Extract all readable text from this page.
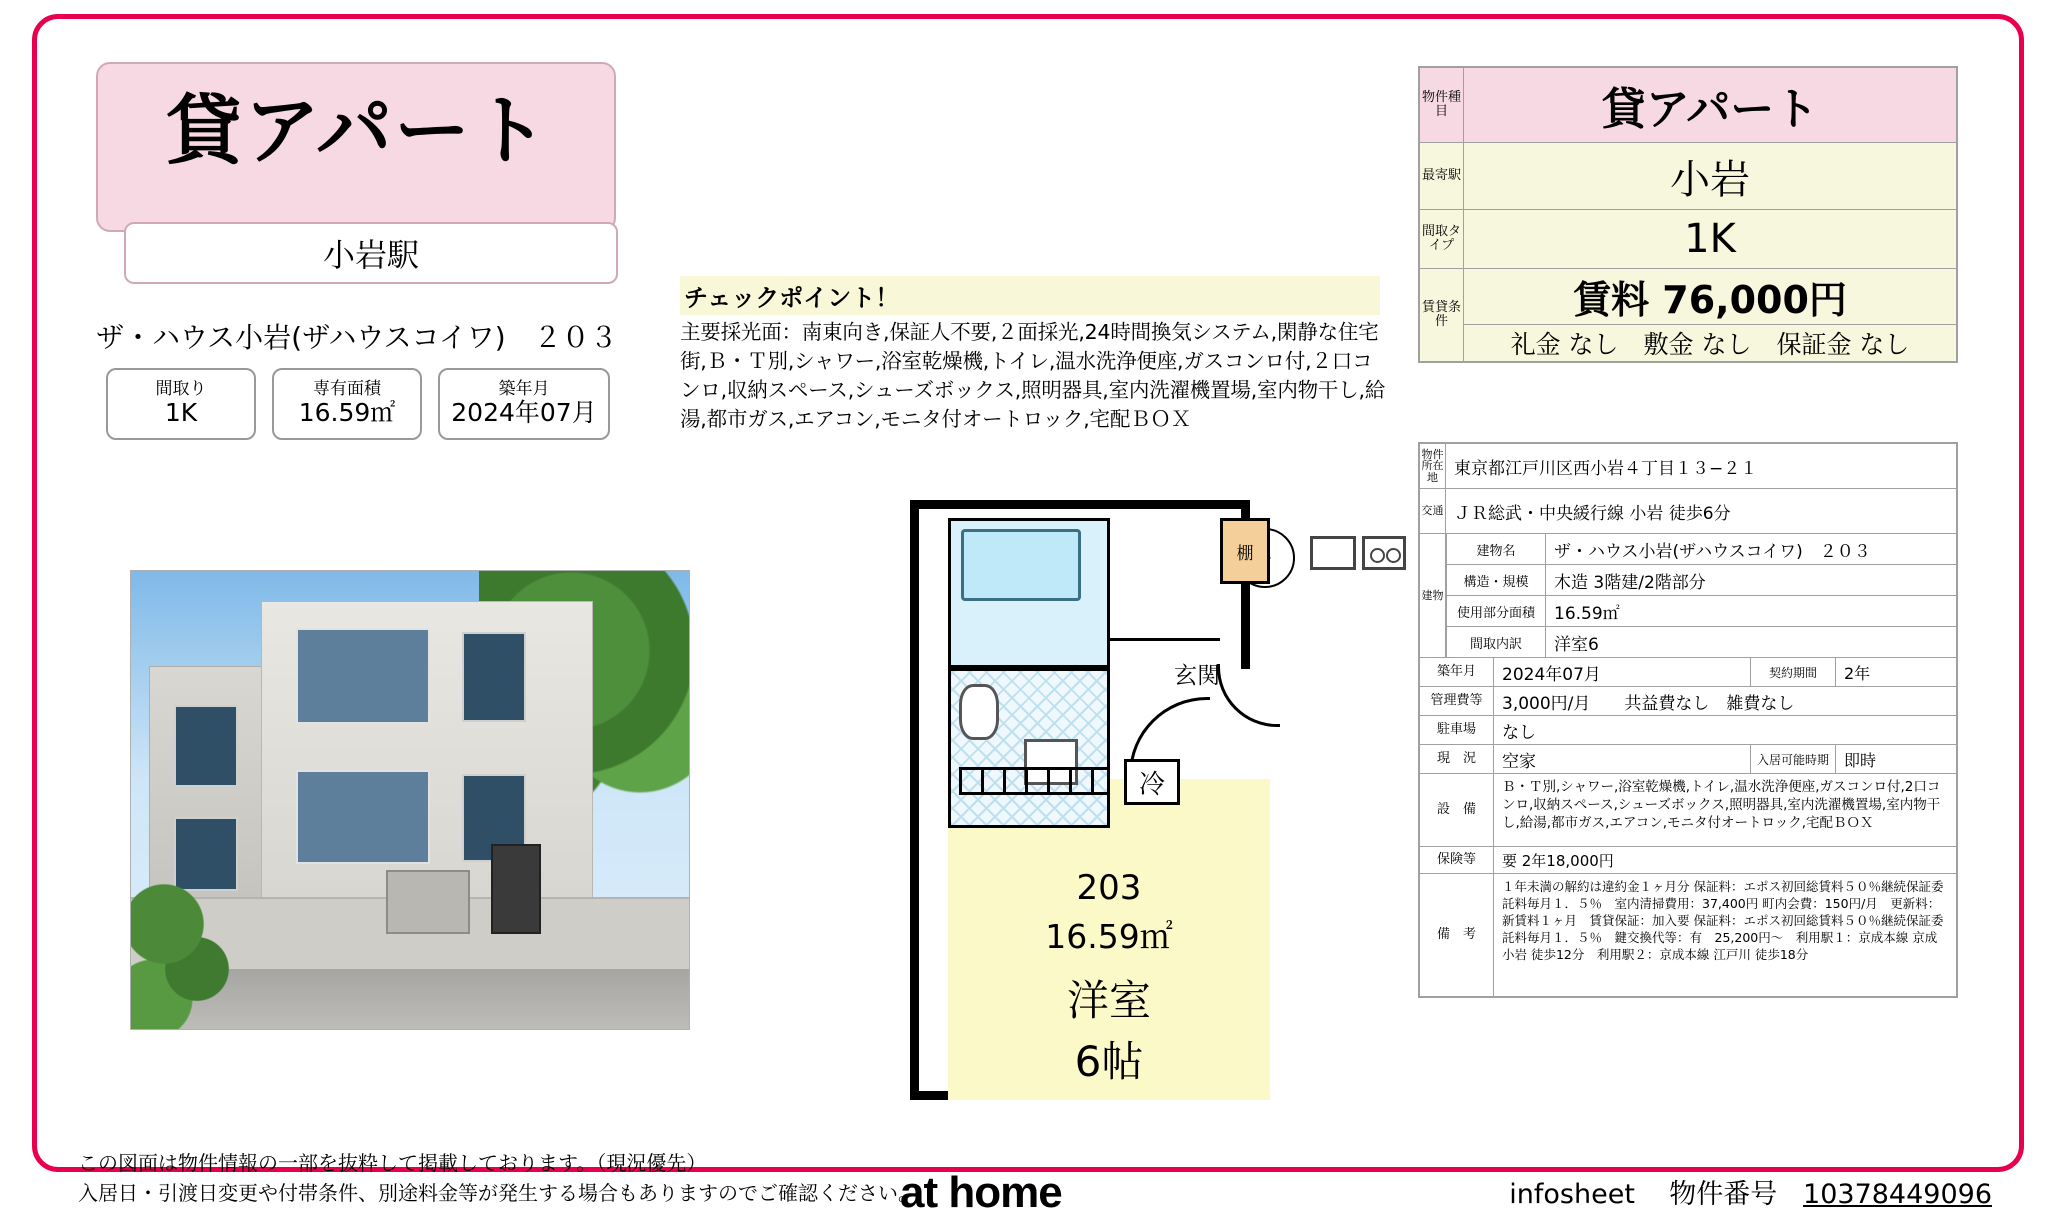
貸アパート
小岩駅
ザ・ハウス小岩(ザハウスコイワ)　２０３
間取り
1K
専有面積
16.59㎡
築年月
2024年07月
チェックポイント！
主要採光面：南東向き,保証人不要,２面採光,24時間換気システム,閑静な住宅街,Ｂ・Ｔ別,シャワー,浴室乾燥機,トイレ,温水洗浄便座,ガスコンロ付,２口コンロ,収納スペース,シューズボックス,照明器具,室内洗濯機置場,室内物干し,給湯,都市ガス,エアコン,モニタ付オートロック,宅配ＢＯＸ
棚
玄関
冷
203
16.59㎡
洋室
6帖
物件種目	貸アパート
最寄駅	小岩
間取タイプ	1K
賃貸条件	賃料 76,000円
礼金 なし　敷金 なし　保証金 なし
物件所在地 東京都江戸川区西小岩４丁目１３−２１
交通 ＪＲ総武・中央緩行線 小岩 徒歩6分
建物
建物名	ザ・ハウス小岩(ザハウスコイワ)　２０３
構造・規模	木造 3階建/2階部分
使用部分面積	16.59㎡
間取内訳	洋室6
築年月	2024年07月	契約期間	2年
管理費等	3,000円/月　　共益費なし　雑費なし
駐車場	なし
現　況	空家	入居可能時期 即時
設　備
Ｂ・Ｔ別,シャワー,浴室乾燥機,トイレ,温水洗浄便座,ガスコンロ付,2口コンロ,収納スペース,シューズボックス,照明器具,室内洗濯機置場,室内物干し,給湯,都市ガス,エアコン,モニタ付オートロック,宅配ＢＯＸ
保険等	要 2年18,000円
備　考
１年未満の解約は違約金１ヶ月分 保証料：エポス初回総賃料５０％継続保証委託料毎月１．５％　室内清掃費用：37,400円 町内会費：150円/月　更新料：新賃料１ヶ月　賃貸保証：加入要 保証料：エポス初回総賃料５０％継続保証委託料毎月１．５％　鍵交換代等：有　25,200円〜　利用駅１：京成本線 京成小岩 徒歩12分　利用駅２：京成本線 江戸川 徒歩18分
この図面は物件情報の一部を抜粋して掲載しております。（現況優先）
入居日・引渡日変更や付帯条件、別途料金等が発生する場合もありますのでご確認ください。
at home	infosheet 物件番号 10378449096
